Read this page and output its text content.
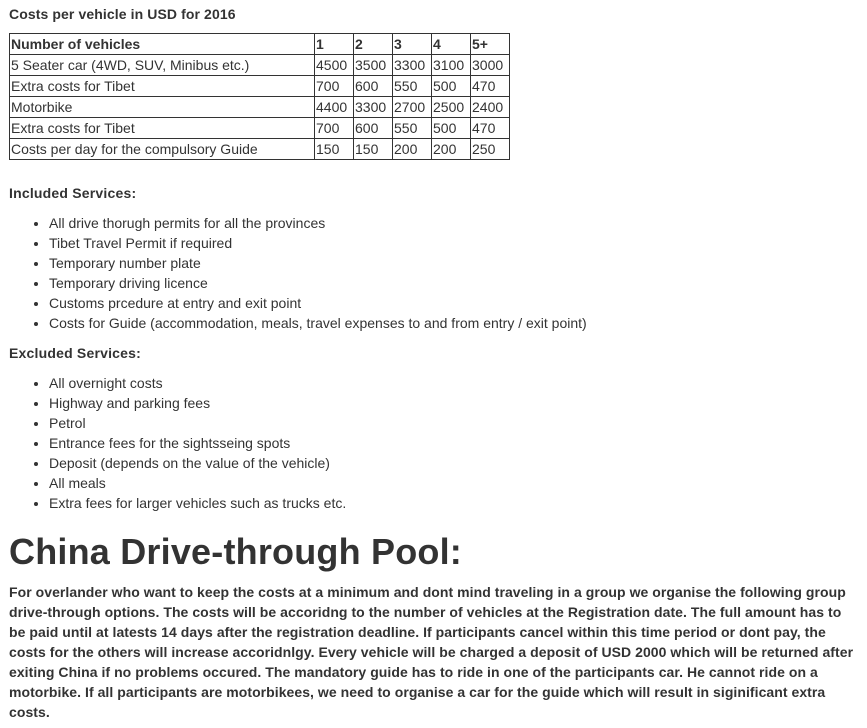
Costs per vehicle in USD for 2016
Number of vehicles	1	2	3	4	5+
5 Seater car (4WD, SUV, Minibus etc.)	4500	3500	3300	3100	3000
Extra costs for Tibet	700	600	550	500	470
Motorbike	4400	3300	2700	2500	2400
Extra costs for Tibet	700	600	550	500	470
Costs per day for the compulsory Guide	150	150	200	200	250
Included Services:
• All drive thorugh permits for all the provinces
• Tibet Travel Permit if required
• Temporary number plate
• Temporary driving licence
• Customs prcedure at entry and exit point
• Costs for Guide (accommodation, meals, travel expenses to and from entry / exit point)
Excluded Services:
• All overnight costs
• Highway and parking fees
• Petrol
• Entrance fees for the sightsseing spots
• Deposit (depends on the value of the vehicle)
• All meals
• Extra fees for larger vehicles such as trucks etc.
China Drive-through Pool:

For overlander who want to keep the costs at a minimum and dont mind traveling in a group we organise the following group drive-through options. The costs will be accoridng to the number of vehicles at the Registration date. The full amount has to be paid until at latests 14 days after the registration deadline. If participants cancel within this time period or dont pay, the costs for the others will increase accoridnlgy. Every vehicle will be charged a deposit of USD 2000 which will be returned after exiting China if no problems occured. The mandatory guide has to ride in one of the participants car. He cannot ride on a motorbike. If all participants are motorbikees, we need to organise a car for the guide which will result in siginificant extra costs.
